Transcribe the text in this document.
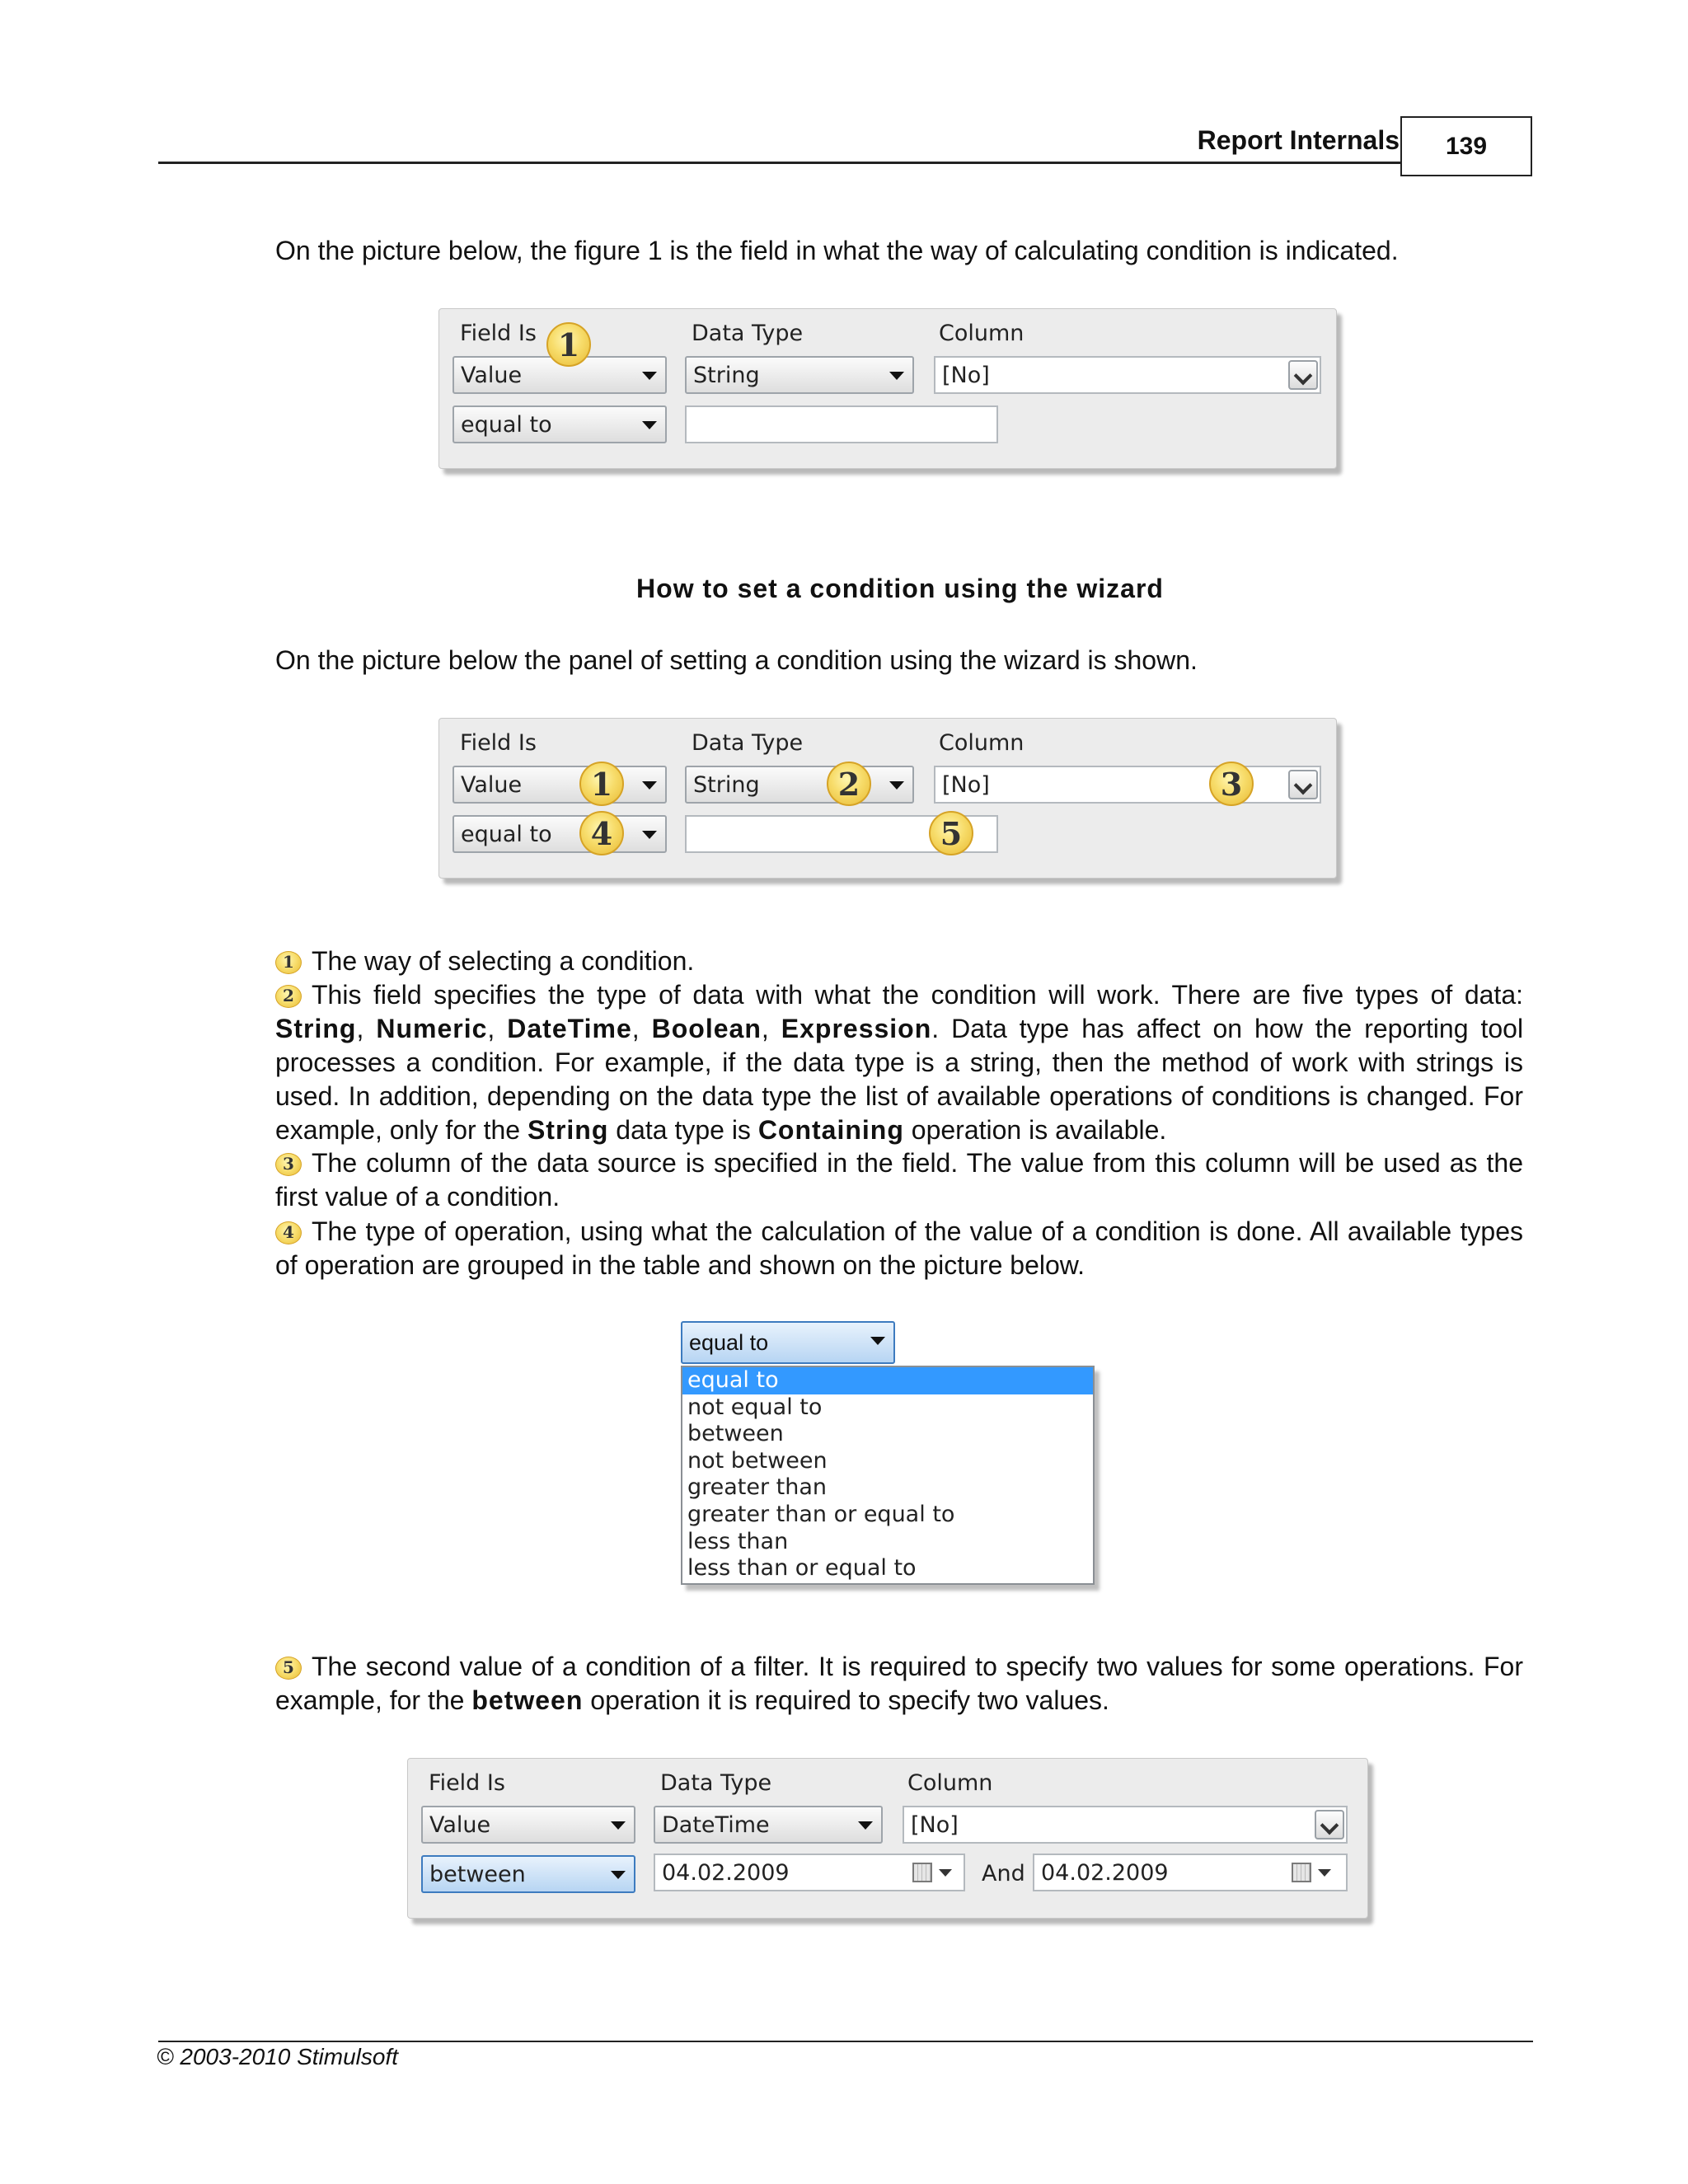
Report Internals	139
On the picture below, the figure 1 is the field in what the way of calculating condition is indicated.
Field Is	Data Type	Column
Value	String	[No]
equal to
1
How to set a condition using the wizard
On the picture below the panel of setting a condition using the wizard is shown.
Field Is	Data Type	Column
Value	String	[No]
equal to
1	2	3
4	5
1 The way of selecting a condition.
2 This field specifies the type of data with what the condition will work. There are five types of data: String, Numeric, DateTime, Boolean, Expression. Data type has affect on how the reporting tool processes a condition. For example, if the data type is a string, then the method of work with strings is used. In addition, depending on the data type the list of available operations of conditions is changed. For example, only for the String data type is Containing operation is available.
3 The column of the data source is specified in the field. The value from this column will be used as the first value of a condition.
4 The type of operation, using what the calculation of the value of a condition is done. All available types of operation are grouped in the table and shown on the picture below.
equal to
equal to
not equal to
between
not between
greater than
greater than or equal to
less than
less than or equal to
5 The second value of a condition of a filter. It is required to specify two values for some operations. For example, for the between operation it is required to specify two values.
Field Is	Data Type	Column
Value	DateTime	[No]
between	04.02.2009	And 04.02.2009
© 2003-2010 Stimulsoft
